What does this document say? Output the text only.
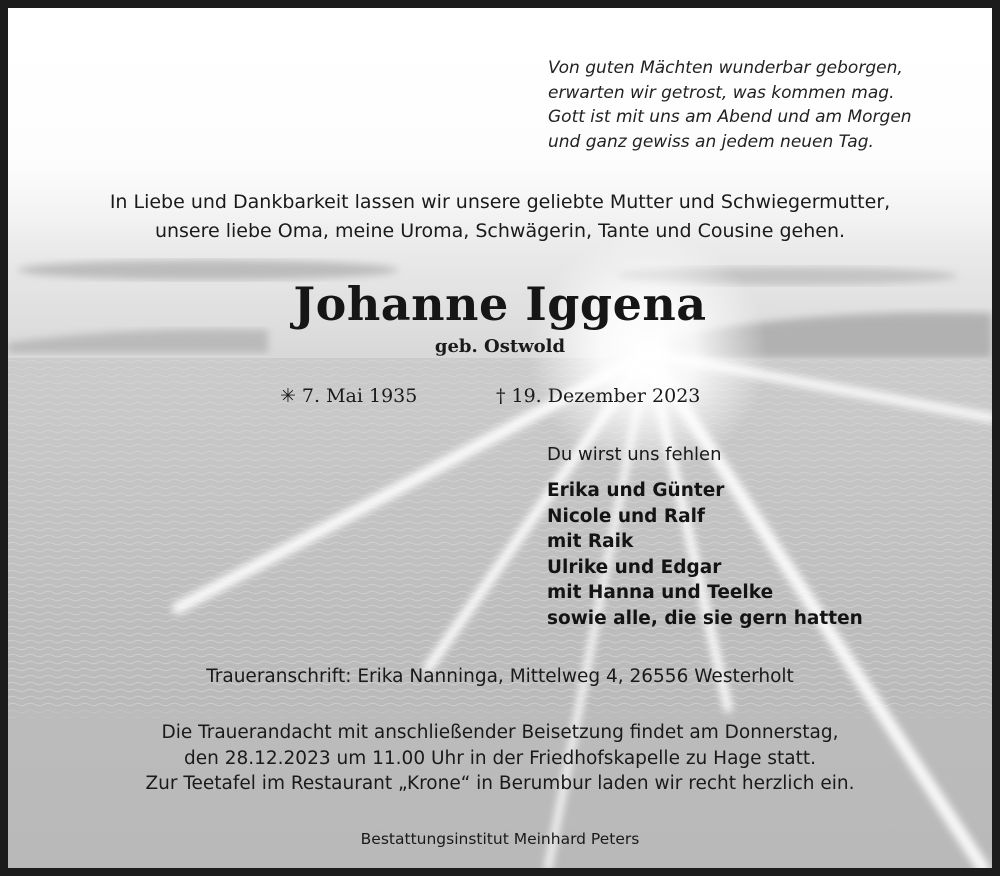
Von guten Mächten wunderbar geborgen,
erwarten wir getrost, was kommen mag.
Gott ist mit uns am Abend und am Morgen
und ganz gewiss an jedem neuen Tag.
In Liebe und Dankbarkeit lassen wir unsere geliebte Mutter und Schwiegermutter,
unsere liebe Oma, meine Uroma, Schwägerin, Tante und Cousine gehen.
Johanne Iggena
geb. Ostwold
✳ 7. Mai 1935	† 19. Dezember 2023
Du wirst uns fehlen
Erika und Günter
Nicole und Ralf
mit Raik
Ulrike und Edgar
mit Hanna und Teelke
sowie alle, die sie gern hatten
Traueranschrift: Erika Nanninga, Mittelweg 4, 26556 Westerholt
Die Trauerandacht mit anschließender Beisetzung findet am Donnerstag,
den 28.12.2023 um 11.00 Uhr in der Friedhofskapelle zu Hage statt.
Zur Teetafel im Restaurant „Krone“ in Berumbur laden wir recht herzlich ein.
Bestattungsinstitut Meinhard Peters
